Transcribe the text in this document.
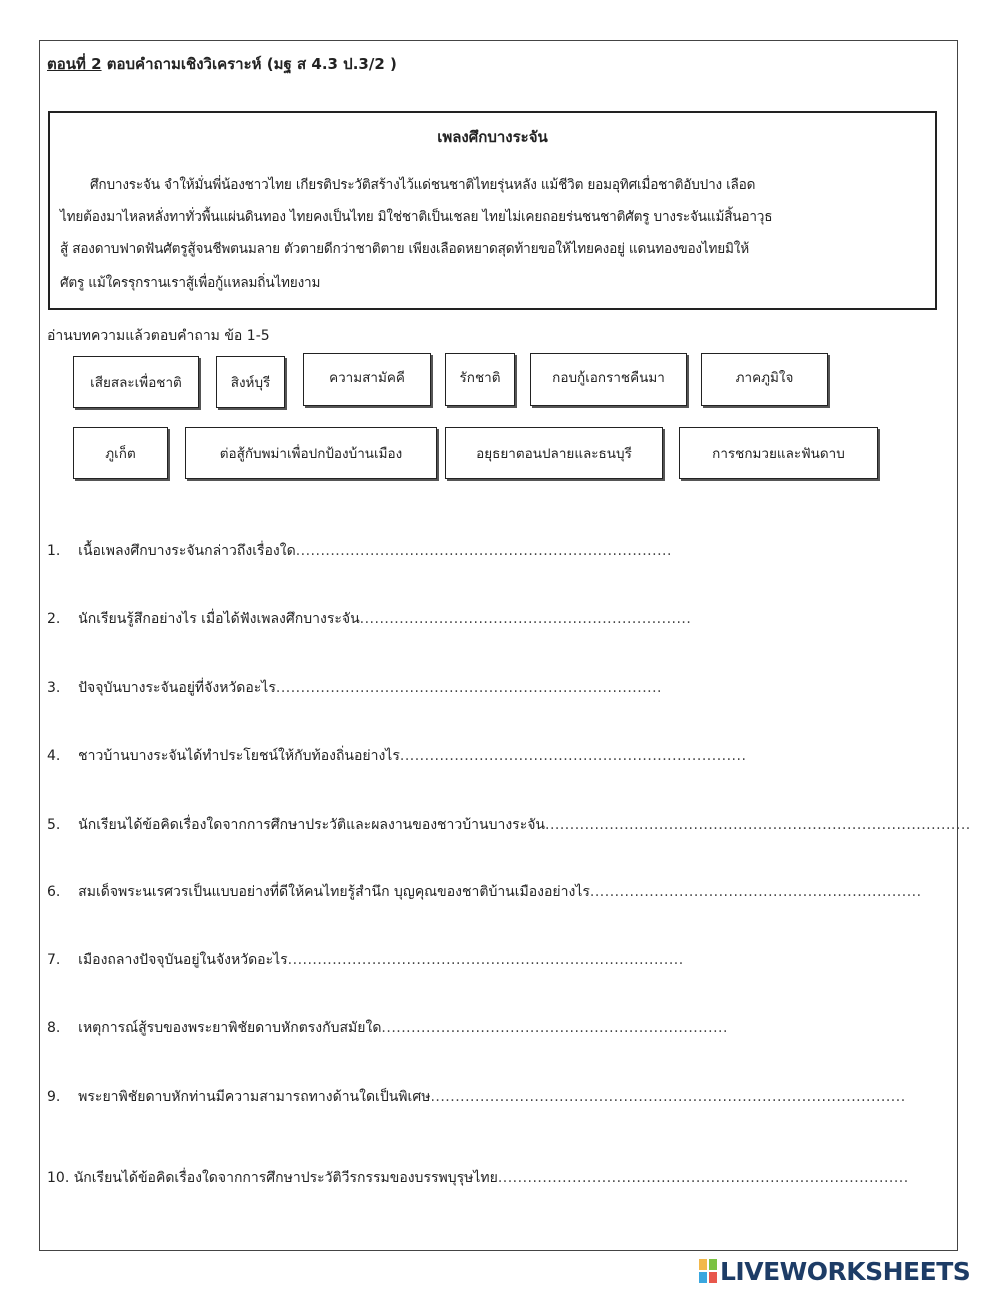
ตอนที่ 2 ตอบคำถามเชิงวิเคราะห์ (มฐ ส 4.3 ป.3/2 )
เพลงศึกบางระจัน
ศึกบางระจัน จำให้มั่นพี่น้องชาวไทย เกียรติประวัติสร้างไว้แด่ชนชาติไทยรุ่นหลัง แม้ชีวิต ยอมอุทิศเมื่อชาติอับปาง เลือด
ไทยต้องมาไหลหลั่งทาทั่วพื้นแผ่นดินทอง ไทยคงเป็นไทย มิใช่ชาติเป็นเชลย ไทยไม่เคยถอยร่นชนชาติศัตรู บางระจันแม้สิ้นอาวุธ
สู้ สองดาบฟาดฟันศัตรูสู้จนชีพตนมลาย ตัวตายดีกว่าชาติตาย เพียงเลือดหยาดสุดท้ายขอให้ไทยคงอยู่ แดนทองของไทยมิให้
ศัตรู แม้ใครรุกรานเราสู้เพื่อกู้แหลมถิ่นไทยงาม
อ่านบทความแล้วตอบคำถาม ข้อ 1-5
เสียสละเพื่อชาติ	สิงห์บุรี	ความสามัคคี	รักชาติ	กอบกู้เอกราชคืนมา	ภาคภูมิใจ
ภูเก็ต	ต่อสู้กับพม่าเพื่อปกป้องบ้านเมือง	อยุธยาตอนปลายและธนบุรี	การชกมวยและฟันดาบ
1. เนื้อเพลงศึกบางระจันกล่าวถึงเรื่องใด............................................................................
2. นักเรียนรู้สึกอย่างไร เมื่อได้ฟังเพลงศึกบางระจัน...................................................................
3. ปัจจุบันบางระจันอยู่ที่จังหวัดอะไร..............................................................................
4. ชาวบ้านบางระจันได้ทำประโยชน์ให้กับท้องถิ่นอย่างไร......................................................................
5. นักเรียนได้ข้อคิดเรื่องใดจากการศึกษาประวัติและผลงานของชาวบ้านบางระจัน......................................................................................
6. สมเด็จพระนเรศวรเป็นแบบอย่างที่ดีให้คนไทยรู้สำนึก บุญคุณของชาติบ้านเมืองอย่างไร...................................................................
7. เมืองถลางปัจจุบันอยู่ในจังหวัดอะไร................................................................................
8. เหตุการณ์สู้รบของพระยาพิชัยดาบหักตรงกับสมัยใด......................................................................
9. พระยาพิชัยดาบหักท่านมีความสามารถทางด้านใดเป็นพิเศษ................................................................................................
10. นักเรียนได้ข้อคิดเรื่องใดจากการศึกษาประวัติวีรกรรมของบรรพบุรุษไทย...................................................................................
LIVEWORKSHEETS
